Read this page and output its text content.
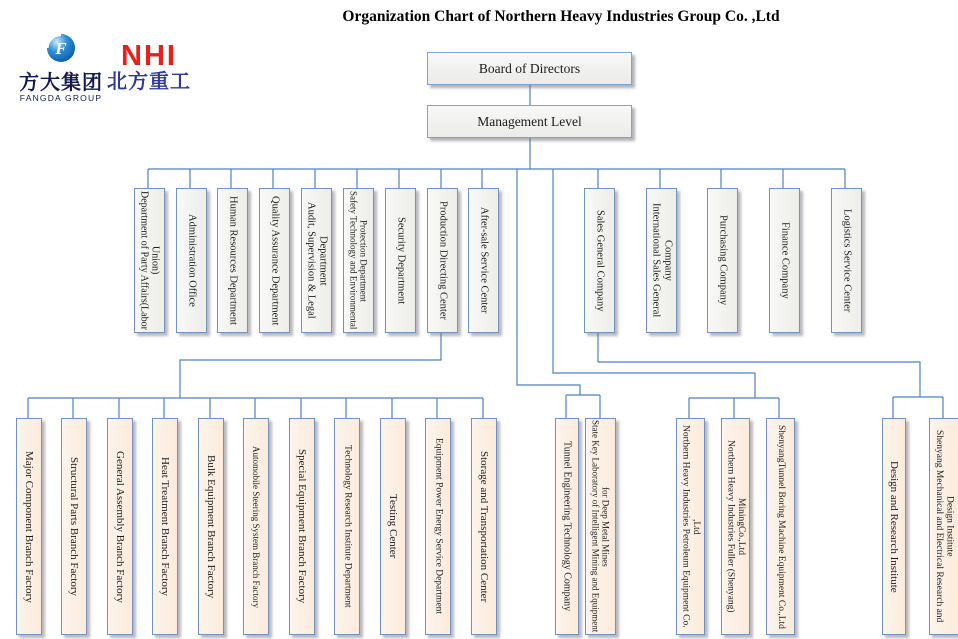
Organization Chart of Northern Heavy Industries Group Co. ,Ltd
F
方大集团
FANGDA GROUP
NHI
北方重工
Board of Directors
Management Level
Department of Party Affairs(Labor Union) Administration Office	Human Resources Department	Quality Assurance Department Audit, Supervision & Legal Department Safety Technology and Environmental Protection Department	Security Department	Production Directing Center	After-sale Service Center	Sales General Company	International Sales General Company	Purchasing Company	Finance Company	Logistics Service Center
Major Component Branch Factory	Structural Parts Branch Factory	General Assembly Branch Factory	Heat Treatment Branch Factory	Bulk Equipment Branch Factory	Automobile Steering System Branch Factory	Special Equipment Branch Factory	Technology Research Institute Department	Testing Center	Equipment Power Energy Service Department	Storage and Transportation Center	Tunnel Engineering Technology Company State Key Laboratory of Intelligent Mining and Equipment for Deep Metal Mines	Northern Heavy Industries Petroleum Equipment Co. ,Ltd	Northern Heavy Industries Fuller (Shenyang) MiningCo.,Ltd	ShenyangTunnel Boring Machine Equipment Co.,Ltd	Design and Research Institute	Shenyang Mechanical and Electrical Research and Design Institute
